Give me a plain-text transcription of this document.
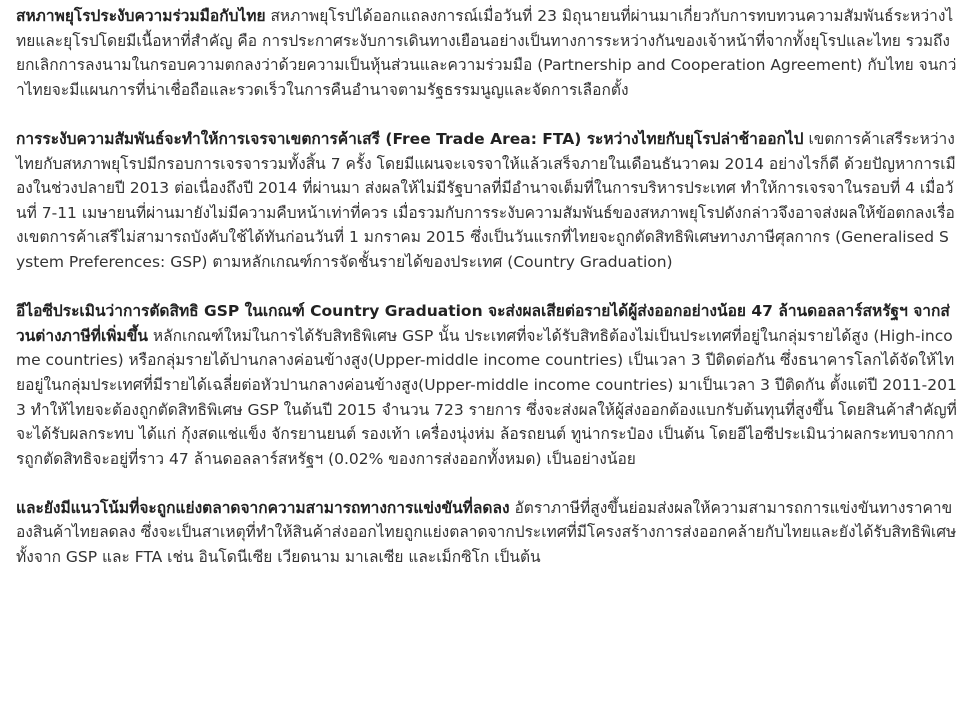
สหภาพยุโรประงับความร่วมมือกับไทย สหภาพยุโรปได้ออกแถลงการณ์เมื่อวันที่ 23 มิถุนายนที่ผ่านมาเกี่ยวกับการทบทวนความสัมพันธ์ระหว่างไทยและยุโรปโดยมีเนื้อหาที่สำคัญ คือ การประกาศระงับการเดินทางเยือนอย่างเป็นทางการระหว่างกันของเจ้าหน้าที่จากทั้งยุโรปและไทย รวมถึงยกเลิกการลงนามในกรอบความตกลงว่าด้วยความเป็นหุ้นส่วนและความร่วมมือ (Partnership and Cooperation Agreement) กับไทย จนกว่าไทยจะมีแผนการที่น่าเชื่อถือและรวดเร็วในการคืนอำนาจตามรัฐธรรมนูญและจัดการเลือกตั้ง

การระงับความสัมพันธ์จะทำให้การเจรจาเขตการค้าเสรี (Free Trade Area: FTA) ระหว่างไทยกับยุโรปล่าช้าออกไป เขตการค้าเสรีระหว่างไทยกับสหภาพยุโรปมีกรอบการเจรจารวมทั้งสิ้น 7 ครั้ง โดยมีแผนจะเจรจาให้แล้วเสร็จภายในเดือนธันวาคม 2014 อย่างไรก็ดี ด้วยปัญหาการเมืองในช่วงปลายปี 2013 ต่อเนื่องถึงปี 2014 ที่ผ่านมา ส่งผลให้ไม่มีรัฐบาลที่มีอำนาจเต็มที่ในการบริหารประเทศ ทำให้การเจรจาในรอบที่ 4 เมื่อวันที่ 7-11 เมษายนที่ผ่านมายังไม่มีความคืบหน้าเท่าที่ควร เมื่อรวมกับการระงับความสัมพันธ์ของสหภาพยุโรปดังกล่าวจึงอาจส่งผลให้ข้อตกลงเรื่องเขตการค้าเสรีไม่สามารถบังคับใช้ได้ทันก่อนวันที่ 1 มกราคม 2015 ซึ่งเป็นวันแรกที่ไทยจะถูกตัดสิทธิพิเศษทางภาษีศุลกากร (Generalised System Preferences: GSP) ตามหลักเกณฑ์การจัดชั้นรายได้ของประเทศ (Country Graduation)

อีไอซีประเมินว่าการตัดสิทธิ GSP ในเกณฑ์ Country Graduation จะส่งผลเสียต่อรายได้ผู้ส่งออกอย่างน้อย 47 ล้านดอลลาร์สหรัฐฯ จากส่วนต่างภาษีที่เพิ่มขึ้น หลักเกณฑ์ใหม่ในการได้รับสิทธิพิเศษ GSP นั้น ประเทศที่จะได้รับสิทธิต้องไม่เป็นประเทศที่อยู่ในกลุ่มรายได้สูง (High-income countries) หรือกลุ่มรายได้ปานกลางค่อนข้างสูง(Upper-middle income countries) เป็นเวลา 3 ปีติดต่อกัน ซึ่งธนาคารโลกได้จัดให้ไทยอยู่ในกลุ่มประเทศที่มีรายได้เฉลี่ยต่อหัวปานกลางค่อนข้างสูง(Upper-middle income countries) มาเป็นเวลา 3 ปีติดกัน ตั้งแต่ปี 2011-2013 ทำให้ไทยจะต้องถูกตัดสิทธิพิเศษ GSP ในต้นปี 2015 จำนวน 723 รายการ ซึ่งจะส่งผลให้ผู้ส่งออกต้องแบกรับต้นทุนที่สูงขึ้น โดยสินค้าสำคัญที่จะได้รับผลกระทบ ได้แก่ กุ้งสดแช่แข็ง จักรยานยนต์ รองเท้า เครื่องนุ่งห่ม ล้อรถยนต์ ทูน่ากระป๋อง เป็นต้น โดยอีไอซีประเมินว่าผลกระทบจากการถูกตัดสิทธิจะอยู่ที่ราว 47 ล้านดอลลาร์สหรัฐฯ (0.02% ของการส่งออกทั้งหมด) เป็นอย่างน้อย

และยังมีแนวโน้มที่จะถูกแย่งตลาดจากความสามารถทางการแข่งขันที่ลดลง อัตราภาษีที่สูงขึ้นย่อมส่งผลให้ความสามารถการแข่งขันทางราคาของสินค้าไทยลดลง ซึ่งจะเป็นสาเหตุที่ทำให้สินค้าส่งออกไทยถูกแย่งตลาดจากประเทศที่มีโครงสร้างการส่งออกคล้ายกับไทยและยังได้รับสิทธิพิเศษทั้งจาก GSP และ FTA เช่น อินโดนีเซีย เวียดนาม มาเลเซีย และเม็กซิโก เป็นต้น
